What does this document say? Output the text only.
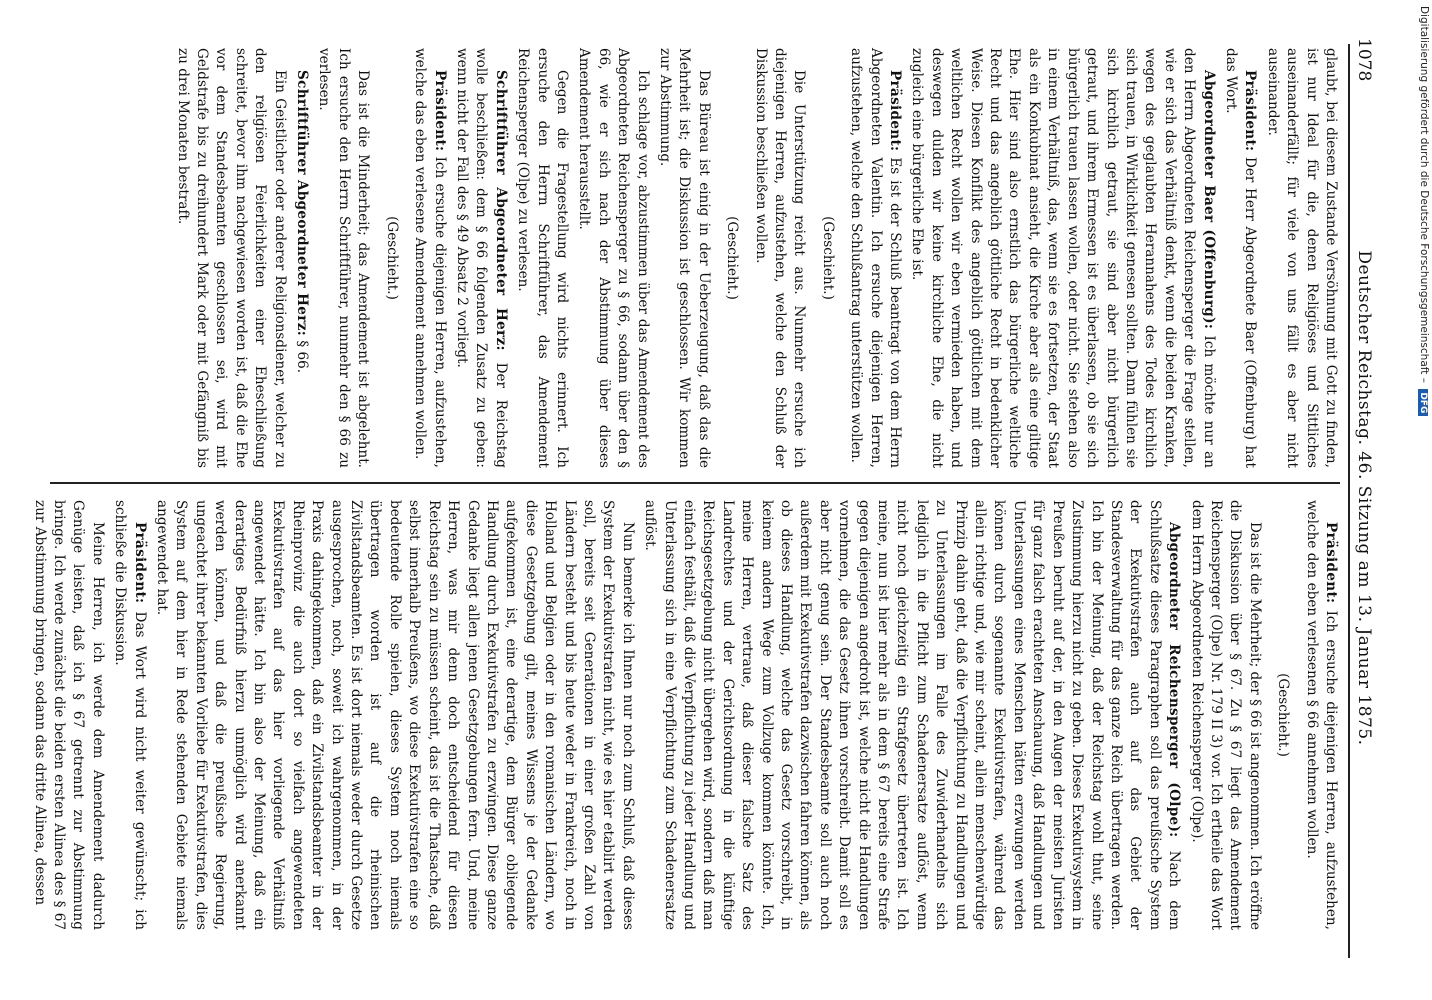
1078
Deutscher Reichstag. 46. Sitzung am 13. Januar 1875.

glaubt, bei diesem Zustande Versöhnung mit Gott zu finden, ist nur Ideal für die, denen Religiöses und Sittliches auseinanderfällt; für viele von uns fällt es aber nicht auseinander.

Präsident: Der Herr Abgeordnete Baer (Offenburg) hat das Wort.

Abgeordneter Baer (Offenburg): Ich möchte nur an den Herrn Abgeordneten Reichensperger die Frage stellen, wie er sich das Verhältniß denkt, wenn die beiden Kranken, wegen des geglaubten Herannahens des Todes kirchlich sich trauen, in Wirklichkeit genesen sollten. Dann fühlen sie sich kirchlich getraut, sie sind aber nicht bürgerlich getraut, und ihrem Ermessen ist es überlassen, ob sie sich bürgerlich trauen lassen wollen, oder nicht. Sie stehen also in einem Verhältniß, das, wenn sie es fortsetzen, der Staat als ein Konkubinat ansieht, die Kirche aber als eine giltige Ehe. Hier sind also ernstlich das bürgerliche weltliche Recht und das angeblich göttliche Recht in bedenklicher Weise. Diesen Konflikt des angeblich göttlichen mit dem weltlichen Recht wollen wir eben vermieden haben, und deswegen dulden wir keine kirchliche Ehe, die nicht zugleich eine bürgerliche Ehe ist.

Präsident: Es ist der Schluß beantragt von dem Herrn Abgeordneten Valentin. Ich ersuche diejenigen Herren, aufzustehen, welche den Schlußantrag unterstützen wollen.

(Geschieht.)

Die Unterstützung reicht aus. Nunmehr ersuche ich diejenigen Herren, aufzustehen, welche den Schluß der Diskussion beschließen wollen.

(Geschieht.)

Das Büreau ist einig in der Ueberzeugung, daß das die Mehrheit ist; die Diskussion ist geschlossen. Wir kommen zur Abstimmung.

Ich schlage vor, abzustimmen über das Amendement des Abgeordneten Reichensperger zu § 66, sodann über den § 66, wie er sich nach der Abstimmung über dieses Amendement herausstellt.

Gegen die Fragestellung wird nichts erinnert. Ich ersuche den Herrn Schriftführer, das Amendement Reichensperger (Olpe) zu verlesen.

Schriftführer Abgeordneter Herz: Der Reichstag wolle beschließen: dem § 66 folgenden Zusatz zu geben: wenn nicht der Fall des § 49 Absatz 2 vorliegt.

Präsident: Ich ersuche diejenigen Herren, aufzustehen, welche das eben verlesene Amendement annehmen wollen.

(Geschieht.)

Das ist die Minderheit; das Amendement ist abgelehnt. Ich ersuche den Herrn Schriftführer, nunmehr den § 66 zu verlesen.

Schriftführer Abgeordneter Herz: § 66.

Ein Geistlicher oder anderer Religionsdiener, welcher zu den religiösen Feierlichkeiten einer Eheschließung schreitet, bevor ihm nachgewiesen worden ist, daß die Ehe vor dem Standesbeamten geschlossen sei, wird mit Geldstrafe bis zu dreihundert Mark oder mit Gefängniß bis zu drei Monaten bestraft.

Präsident: Ich ersuche diejenigen Herren, aufzustehen, welche den eben verlesenen § 66 annehmen wollen.

(Geschieht.)

Das ist die Mehrheit; der § 66 ist angenommen. Ich eröffne die Diskussion über § 67. Zu § 67 liegt das Amendement Reichensperger (Olpe) Nr. 179 II 3) vor. Ich ertheile das Wort dem Herrn Abgeordneten Reichensperger (Olpe).

Abgeordneter Reichensperger (Olpe): Nach dem Schlußsatze dieses Paragraphen soll das preußische System der Exekutivstrafen auch auf das Gebiet der Standesverwaltung für das ganze Reich übertragen werden. Ich bin der Meinung, daß der Reichstag wohl thut, seine Zustimmung hierzu nicht zu geben. Dieses Exekutivsystem in Preußen beruht auf der, in den Augen der meisten Juristen für ganz falsch erachteten Anschauung, daß Handlungen und Unterlassungen eines Menschen hätten erzwungen werden können durch sogenannte Exekutivstrafen, während das allein richtige und, wie mir scheint, allein menschenwürdige Prinzip dahin geht, daß die Verpflichtung zu Handlungen und zu Unterlassungen im Falle des Zuwiderhandelns sich lediglich in die Pflicht zum Schadenersatze auflöst, wenn nicht noch gleichzeitig ein Strafgesetz übertreten ist. Ich meine, nun ist hier mehr als in dem § 67 bereits eine Strafe gegen diejenigen angedroht ist, welche nicht die Handlungen vornehmen, die das Gesetz ihnen vorschreibt. Damit soll es aber nicht genug sein. Der Standesbeamte soll auch noch außerdem mit Exekutivstrafen dazwischen fahren können, als ob dieses Handlung, welche das Gesetz vorschreibt, in keinem andern Wege zum Vollzuge kommen könnte. Ich, meine Herren, vertraue, daß dieser falsche Satz des Landrechtes und der Gerichtsordnung in die künftige Reichsgesetzgebung nicht übergehen wird, sondern daß man einfach festhält, daß die Verpflichtung zu jeder Handlung und Unterlassung sich in eine Verpflichtung zum Schadenersatze auflöst.

Nun bemerke ich Ihnen nur noch zum Schluß, daß dieses System der Exekutivstrafen nicht, wie es hier etablirt werden soll, bereits seit Generationen in einer großen Zahl von Ländern besteht und bis heute weder in Frankreich, noch in Holland und Belgien oder in den romanischen Ländern, wo diese Gesetzgebung gilt, meines Wissens je der Gedanke aufgekommen ist, eine derartige, dem Bürger obliegende Handlung durch Exekutivstrafen zu erzwingen. Diese ganze Gedanke liegt allen jenen Gesetzgebungen fern. Und, meine Herren, was mir denn doch entscheidend für diesen Reichstag sein zu müssen scheint, das ist die Thatsache, daß selbst innerhalb Preußens, wo diese Exekutivstrafen eine so bedeutende Rolle spielen, dieses System noch niemals übertragen worden ist auf die rheinischen Zivilstandsbeamten. Es ist dort niemals weder durch Gesetze ausgesprochen, noch, soweit ich wahrgenommen, in der Praxis dahingekommen, daß ein Zivilstandsbeamter in der Rheinprovinz die auch dort so vielfach angewendeten Exekutivstrafen auf das hier vorliegende Verhältniß angewendet hätte. Ich bin also der Meinung, daß ein derartiges Bedürfniß hierzu unmöglich wird anerkannt werden können, und daß die preußische Regierung, ungeachtet ihrer bekannten Vorliebe für Exekutivstrafen, dies System auf dem hier in Rede stehenden Gebiete niemals angewendet hat.

Präsident: Das Wort wird nicht weiter gewünscht; ich schließe die Diskussion.

Meine Herren, ich werde dem Amendement dadurch Genüge leisten, daß ich § 67 getrennt zur Abstimmung bringe. Ich werde zunächst die beiden ersten Alinea des § 67 zur Abstimmung bringen, sodann das dritte Alinea, dessen

Digitalisierung gefördert durch die Deutsche Forschungsgemeinschaft – DFG
